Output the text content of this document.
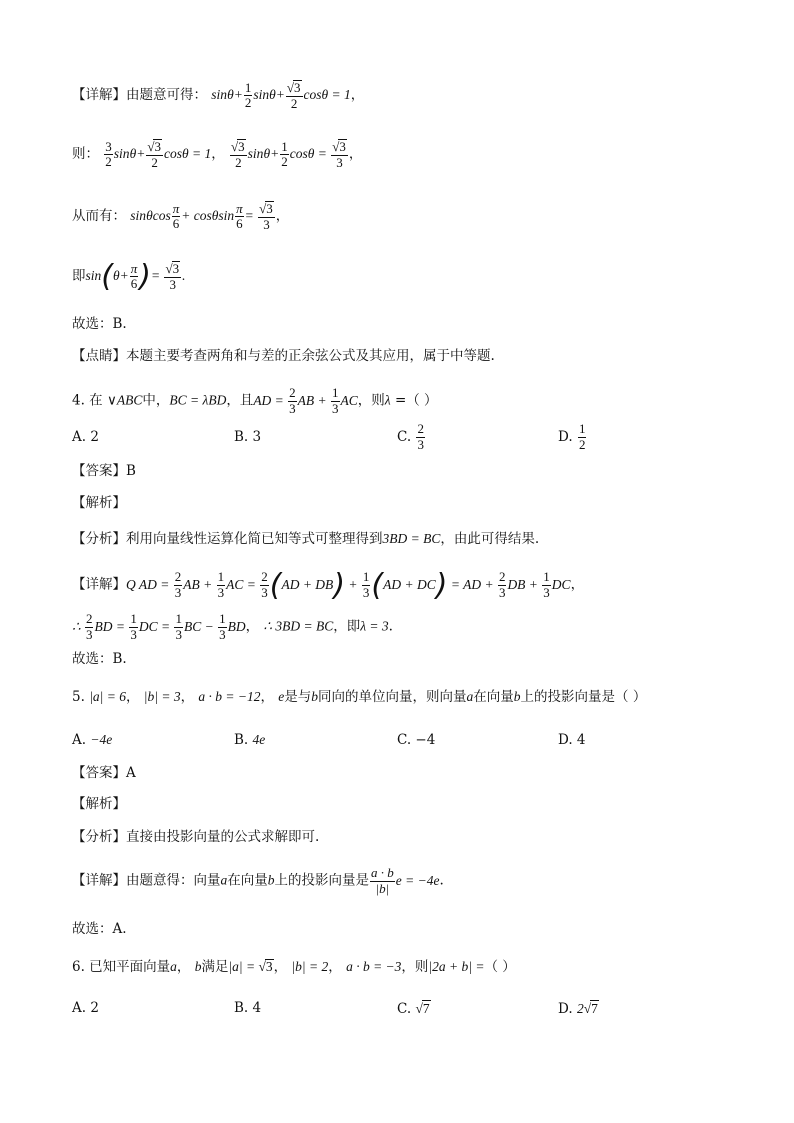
【详解】由题意可得： $\sin\theta+ \frac{1}{2} \sin\theta+ \frac{√3}{2}$ cosθ = 1，
则： $\frac{3}{2} \sin\theta+ \frac{√3}{2}$ cosθ = 1， $\frac{√3}{2} \sin\theta+ \frac{1}{2}$ $\cos\theta = \frac{√3}{3}$ ，
从而有： sinθcos $\frac{\pi}{6} + \cos\theta\sin \frac{\pi}{6} = \frac{√3}{3}$ ，
即$\sin(\theta+ \frac{\pi}{6}$ )= $\frac{√3}{3}$ .
故选：B.
【点睛】本题主要考查两角和与差的正余弦公式及其应用，属于中等题.
4. 在 ∨ABC中，BC = λBD，且AD = $\frac{2}{3}$ AB + $\frac{1}{3}$ AC，则λ =（ ）
A. 2	B. 3	C. $\frac{2}{3}$	D. $\frac{1}{2}$
【答案】B
【解析】
【分析】利用向量线性运算化简已知等式可整理得到3BD = BC，由此可得结果.
【详解】Q AD = $\frac{2}{3}$ AB + $\frac{1}{3}$ AC = $\frac{2}{3} (AD + DB) + \frac{1}{3} (AD + DC)$ = AD + $\frac{2}{3}$ DB + $\frac{1}{3}$ DC，
∴ $\frac{2}{3}$ BD = $\frac{1}{3}$ DC = $\frac{1}{3}$ BC − $\frac{1}{3}$ BD， ∴ 3BD = BC，即λ = 3.
故选：B.
5. |a| = 6， |b| = 3， a · b = −12， e是与b同向的单位向量，则向量a在向量b上的投影向量是（ ）
A. −4e	B. 4e	C. −4	D. 4
【答案】A
【解析】
【分析】直接由投影向量的公式求解即可.
【详解】由题意得：向量a在向量b上的投影向量是 $\frac{a \cdot b}{|b|}$ e = −4e.
故选：A.
6. 已知平面向量a， b满足|a| = √3， |b| = 2， a · b = −3，则|2a + b| =（ ）
A. 2	B. 4	C. √7	D. 2√7
